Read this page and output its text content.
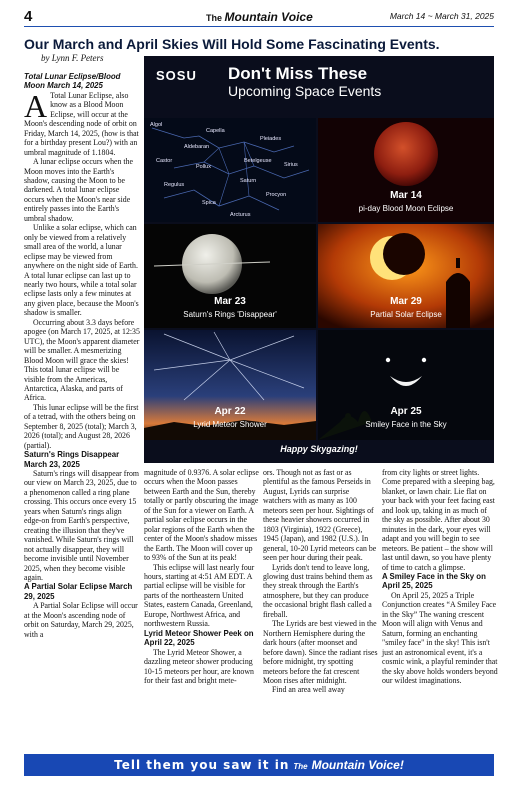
4	The Mountain Voice	March 14 ~ March 31, 2025
Our March and April Skies Will Hold Some Fascinating Events.
by Lynn F. Peters
Total Lunar Eclipse/Blood Moon March 14, 2025

A Total Lunar Eclipse, also know as a Blood Moon Eclipse, will occur at the Moon's descending node of orbit on Friday, March 14, 2025, (how is that for a birthday present Lou?) with an umbral magnitude of 1.1804.

A lunar eclipse occurs when the Moon moves into the Earth's shadow, causing the Moon to be darkened. A total lunar eclipse occurs when the Moon's near side entirely passes into the Earth's umbral shadow.

Unlike a solar eclipse, which can only be viewed from a relatively small area of the world, a lunar eclipse may be viewed from anywhere on the night side of Earth. A total lunar eclipse can last up to nearly two hours, while a total solar eclipse lasts only a few minutes at any given place, because the Moon's shadow is smaller.

Occurring about 3.3 days before apogee (on March 17, 2025, at 12:35 UTC), the Moon's apparent diameter will be smaller. A mesmerizing Blood Moon will grace the skies! This total lunar eclipse will be visible from the Americas, Antarctica, Alaska, and parts of Africa.

This lunar eclipse will be the first of a tetrad, with the others being on September 8, 2025 (total); March 3, 2026 (total); and August 28, 2026 (partial).

Saturn's Rings Disappear March 23, 2025

Saturn's rings will disappear from our view on March 23, 2025, due to a phenomenon called a ring plane crossing. This occurs once every 15 years when Saturn's rings align edge-on from Earth's perspective, creating the illusion that they've vanished. While Saturn's rings will not actually disappear, they will become invisible until November 2025, when they become visible again.

A Partial Solar Eclipse March 29, 2025

A Partial Solar Eclipse will occur at the Moon's ascending node of orbit on Saturday, March 29, 2025, with a

SOSU Don't Miss These
Upcoming Space Events
Algol
Capella
Pleiades
Aldebaran
Castor
Pollux
Betelgeuse
Sirius
Saturn
Regulus
Procyon
Spica
Arcturus
Mar 14
pi-day Blood Moon Eclipse
Mar 23
Saturn's Rings 'Disappear'
Mar 29
Partial Solar Eclipse
Apr 22
Lyrid Meteor Shower
Apr 25
Smiley Face in the Sky
Happy Skygazing!

magnitude of 0.9376. A solar eclipse occurs when the Moon passes between Earth and the Sun, thereby totally or partly obscuring the image of the Sun for a viewer on Earth. A partial solar eclipse occurs in the polar regions of the Earth when the center of the Moon's shadow misses the Earth. The Moon will cover up to 93% of the Sun at its peak!

This eclipse will last nearly four hours, starting at 4:51 AM EDT. A partial eclipse will be visible for parts of the northeastern United States, eastern Canada, Greenland, Europe, Northwest Africa, and northwestern Russia.

Lyrid Meteor Shower Peek on April 22, 2025

The Lyrid Meteor Shower, a dazzling meteor shower producing 10-15 meteors per hour, are known for their fast and bright mete-

ors. Though not as fast or as plentiful as the famous Perseids in August, Lyrids can surprise watchers with as many as 100 meteors seen per hour. Sightings of these heavier showers occurred in 1803 (Virginia), 1922 (Greece), 1945 (Japan), and 1982 (U.S.). In general, 10-20 Lyrid meteors can be seen per hour during their peak.

Lyrids don't tend to leave long, glowing dust trains behind them as they streak through the Earth's atmosphere, but they can produce the occasional bright flash called a fireball.

The Lyrids are best viewed in the Northern Hemisphere during the dark hours (after moonset and before dawn). Since the radiant rises before midnight, try spotting meteors before the fat crescent Moon rises after midnight.

Find an area well away

from city lights or street lights. Come prepared with a sleeping bag, blanket, or lawn chair. Lie flat on your back with your feet facing east and look up, taking in as much of the sky as possible. After about 30 minutes in the dark, your eyes will adapt and you will begin to see meteors. Be patient – the show will last until dawn, so you have plenty of time to catch a glimpse.

A Smiley Face in the Sky on April 25, 2025

On April 25, 2025 a Triple Conjunction creates “A Smiley Face in the Sky” The waning crescent Moon will align with Venus and Saturn, forming an enchanting "smiley face" in the sky! This isn't just an astronomical event, it's a cosmic wink, a playful reminder that the sky above holds wonders beyond our wildest imaginations.

Tell them you saw it in The Mountain Voice!
